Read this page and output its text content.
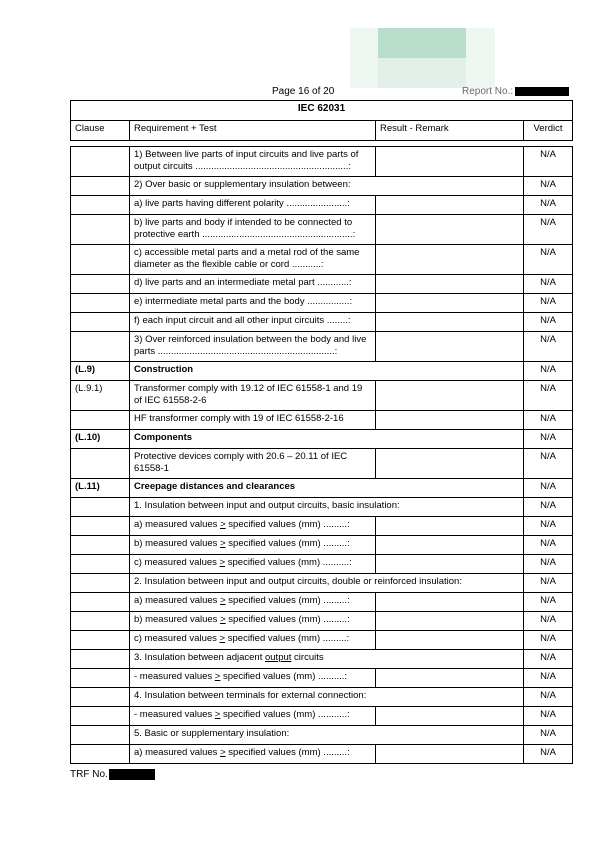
Page 16 of 20	Report No.:
IEC 62031
Clause	Requirement + Test	Result - Remark	Verdict
	1) Between live parts of input circuits and live parts of output circuits ..........................................................:		N/A
	2) Over basic or supplementary insulation between:		N/A
	a) live parts having different polarity .......................:		N/A
	b) live parts and body if intended to be connected to protective earth .........................................................:		N/A
	c) accessible metal parts and a metal rod of the same diameter as the flexible cable or cord ...........:		N/A
	d) live parts and an intermediate metal part ............:		N/A
	e) intermediate metal parts and the body ................:		N/A
	f) each input circuit and all other input circuits ........:		N/A
	3) Over reinforced insulation between the body and live parts ...................................................................:		N/A
(L.9)	Construction		N/A
(L.9.1)	Transformer comply with 19.12 of IEC 61558-1 and 19 of IEC 61558-2-6		N/A
	HF transformer comply with 19 of IEC 61558-2-16		N/A
(L.10)	Components		N/A
	Protective devices comply with 20.6 – 20.11 of IEC 61558-1		N/A
(L.11)	Creepage distances and clearances		N/A
	1. Insulation between input and output circuits, basic insulation:		N/A
	a) measured values > specified values (mm) .........:		N/A
	b) measured values > specified values (mm) .........:		N/A
	c) measured values > specified values (mm) ..........:		N/A
	2. Insulation between input and output circuits, double or reinforced insulation:		N/A
	a) measured values > specified values (mm) .........:		N/A
	b) measured values > specified values (mm) .........:		N/A
	c) measured values > specified values (mm) .........:		N/A
	3. Insulation between adjacent output circuits		N/A
	- measured values > specified values (mm) ..........:		N/A
	4. Insulation between terminals for external connection:		N/A
	- measured values > specified values (mm) ...........:		N/A
	5. Basic or supplementary insulation:		N/A
	a) measured values > specified values (mm) .........:		N/A
TRF No.
